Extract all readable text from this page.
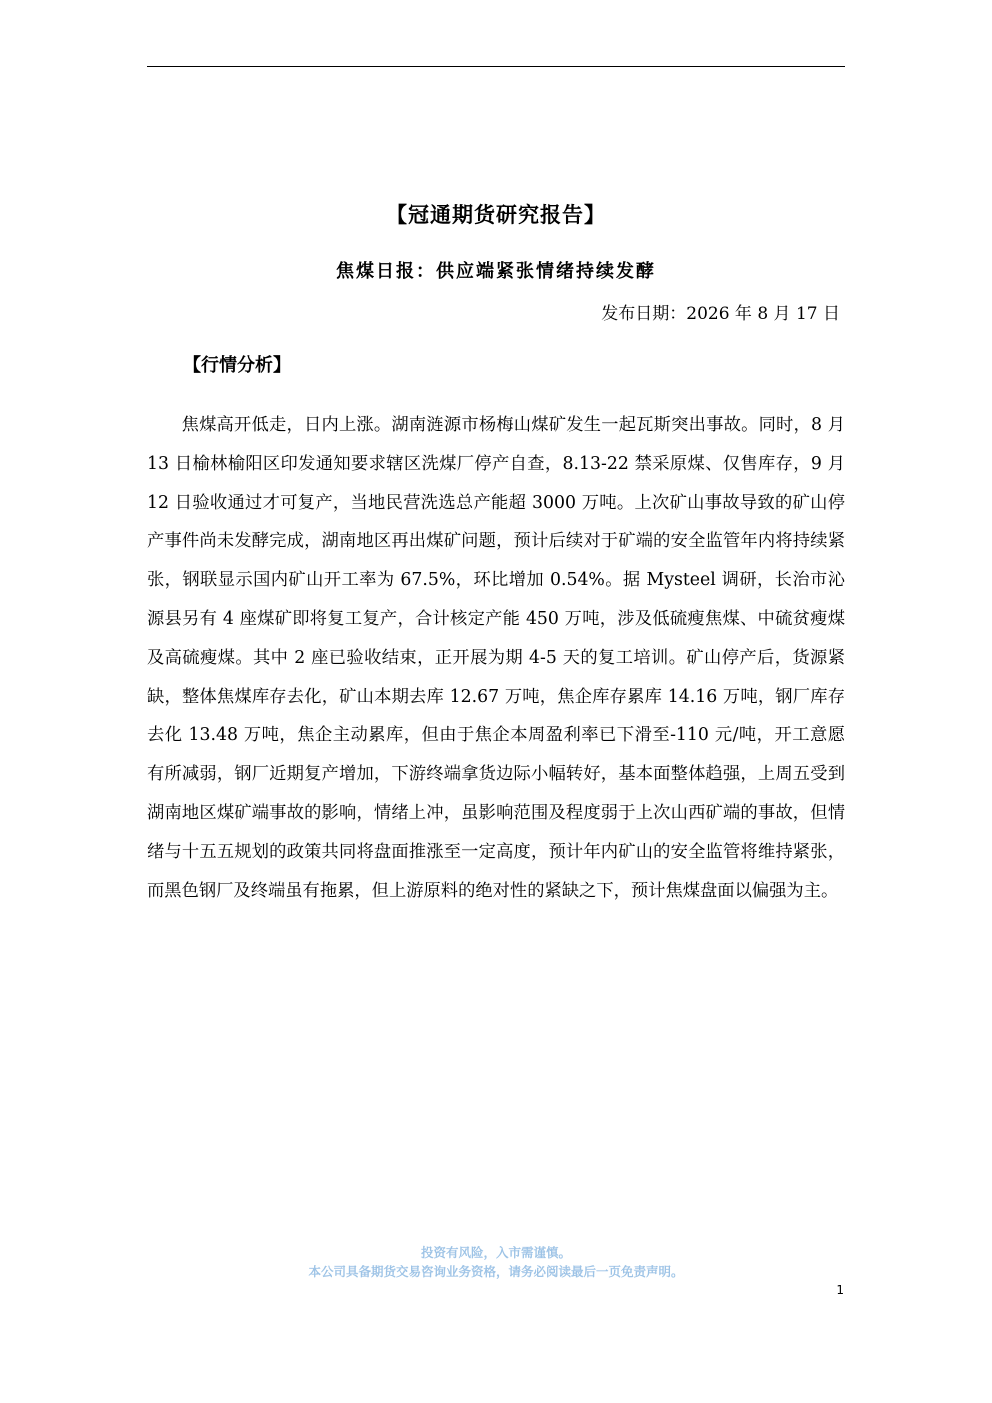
【冠通期货研究报告】
焦煤日报：供应端紧张情绪持续发酵
发布日期：2026 年 8 月 17 日
【行情分析】

焦煤高开低走，日内上涨。湖南涟源市杨梅山煤矿发生一起瓦斯突出事故。同时，8 月 13 日榆林榆阳区印发通知要求辖区洗煤厂停产自查，8.13-22 禁采原煤、仅售库存，9 月 12 日验收通过才可复产，当地民营洗选总产能超 3000 万吨。上次矿山事故导致的矿山停产事件尚未发酵完成，湖南地区再出煤矿问题，预计后续对于矿端的安全监管年内将持续紧张，钢联显示国内矿山开工率为 67.5%，环比增加 0.54%。据 Mysteel 调研，长治市沁源县另有 4 座煤矿即将复工复产，合计核定产能 450 万吨，涉及低硫瘦焦煤、中硫贫瘦煤及高硫瘦煤。其中 2 座已验收结束，正开展为期 4-5 天的复工培训。矿山停产后，货源紧缺，整体焦煤库存去化，矿山本期去库 12.67 万吨，焦企库存累库 14.16 万吨，钢厂库存去化 13.48 万吨，焦企主动累库，但由于焦企本周盈利率已下滑至-110 元/吨，开工意愿有所减弱，钢厂近期复产增加，下游终端拿货边际小幅转好，基本面整体趋强，上周五受到湖南地区煤矿端事故的影响，情绪上冲，虽影响范围及程度弱于上次山西矿端的事故，但情绪与十五五规划的政策共同将盘面推涨至一定高度，预计年内矿山的安全监管将维持紧张，而黑色钢厂及终端虽有拖累，但上游原料的绝对性的紧缺之下，预计焦煤盘面以偏强为主。

投资有风险，入市需谨慎。
本公司具备期货交易咨询业务资格，请务必阅读最后一页免责声明。
1
